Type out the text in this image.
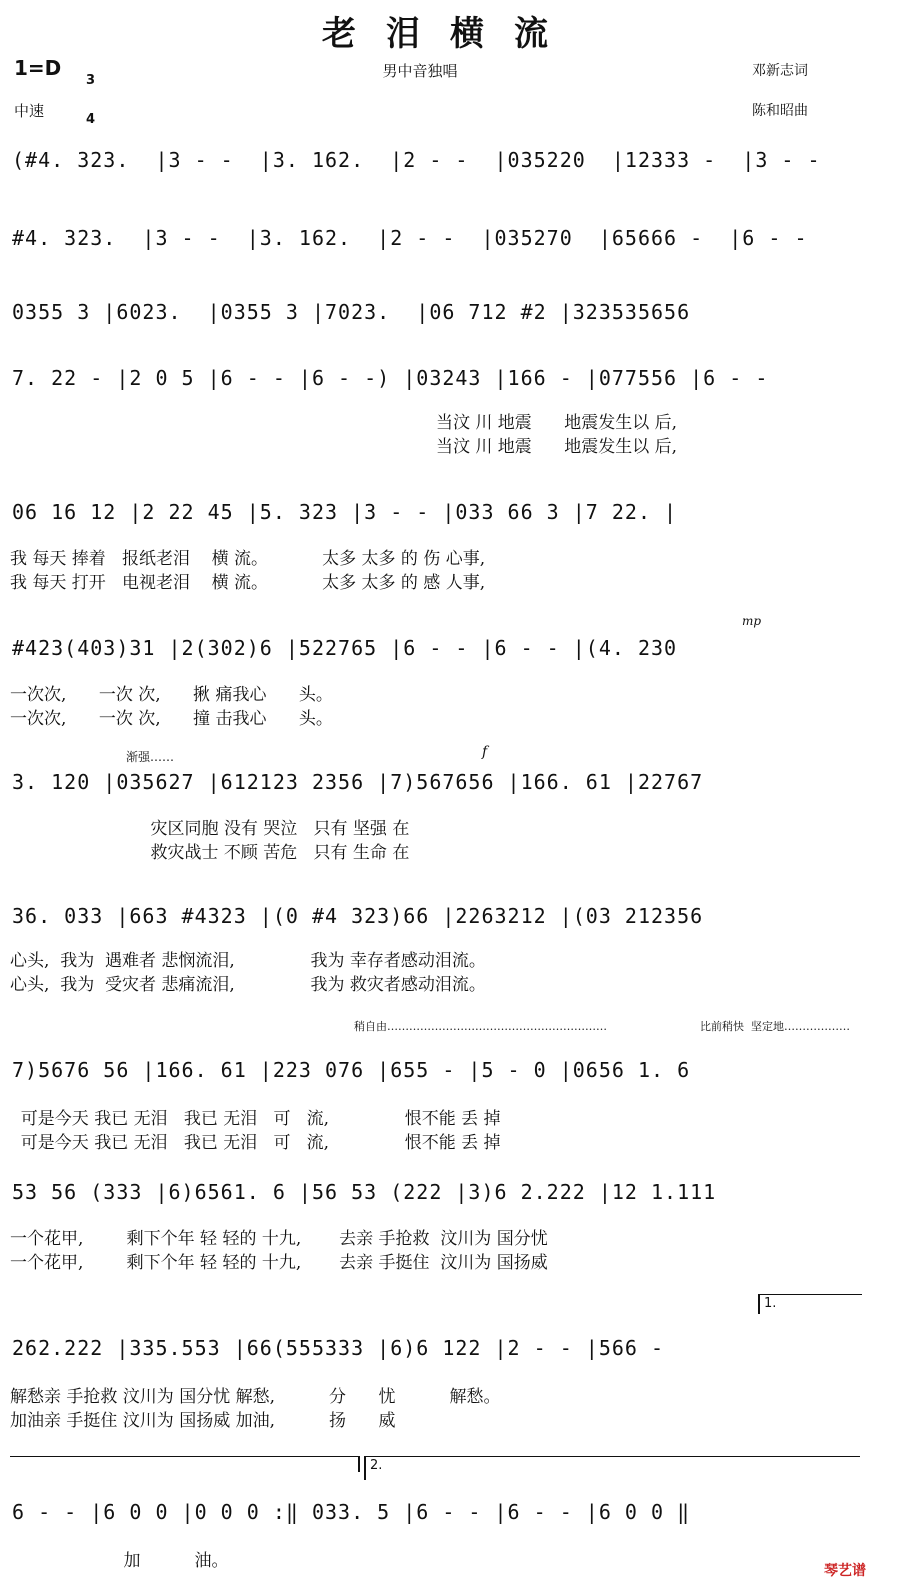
老泪横流
1=D

3

4

男中音独唱	邓新志词
陈和昭曲
中速
(#4. 323.  |3 - -  |3. 162.  |2 - -  |035220  |12333 -  |3 - -
#4. 323.  |3 - -  |3. 162.  |2 - -  |035270  |65666 -  |6 - -
0355 3 |6023.  |0355 3 |7023.  |06 712 #2 |323535656
7. 22 - |2 0 5 |6 - - |6 - -) |03243 |166 - |077556 |6 - -
当汶 川 地震      地震发生以 后,
当汶 川 地震      地震发生以 后,
06 16 12 |2 22 45 |5. 323 |3 - - |033 66 3 |7 22. |
我 每天 捧着   报纸老泪    横 流。          太多 太多 的 伤 心事,
我 每天 打开   电视老泪    横 流。          太多 太多 的 感 人事,
mp
#423(403)31 |2(302)6 |522765 |6 - - |6 - - |(4. 230
一次次,      一次 次,      揪 痛我心      头。
一次次,      一次 次,      撞 击我心      头。
渐强……	f
3. 120 |035627 |612123 2356 |7)567656 |166. 61 |22767
灾区同胞 没有 哭泣   只有 坚强 在
救灾战士 不顾 苦危   只有 生命 在
36. 033 |663 #4323 |(0 #4 323)66 |2263212 |(03 212356
心头,  我为  遇难者 悲悯流泪,              我为 幸存者感动泪流。
心头,  我为  受灾者 悲痛流泪,              我为 救灾者感动泪流。
稍自由……………………………………………………	比前稍快  坚定地………………
7)5676 56 |166. 61 |223 076 |655 - |5 - 0 |0656 1. 6
可是今天 我已 无泪   我已 无泪   可   流,              恨不能 丢 掉
可是今天 我已 无泪   我已 无泪   可   流,              恨不能 丢 掉
53 56 (333 |6)6561. 6 |56 53 (222 |3)6 2.222 |12 1.111
一个花甲,        剩下个年 轻 轻的 十九,       去亲 手抢救  汶川为 国分忧
一个花甲,        剩下个年 轻 轻的 十九,       去亲 手挺住  汶川为 国扬威
1.
262.222 |335.553 |66(555333 |6)6 122 |2 - - |566 -
解愁亲 手抢救 汶川为 国分忧 解愁,          分      忧          解愁。
加油亲 手挺住 汶川为 国扬威 加油,          扬      威
2.
6 - - |6 0 0 |0 0 0 :‖ 033. 5 |6 - - |6 - - |6 0 0 ‖
加          油。	琴艺谱
